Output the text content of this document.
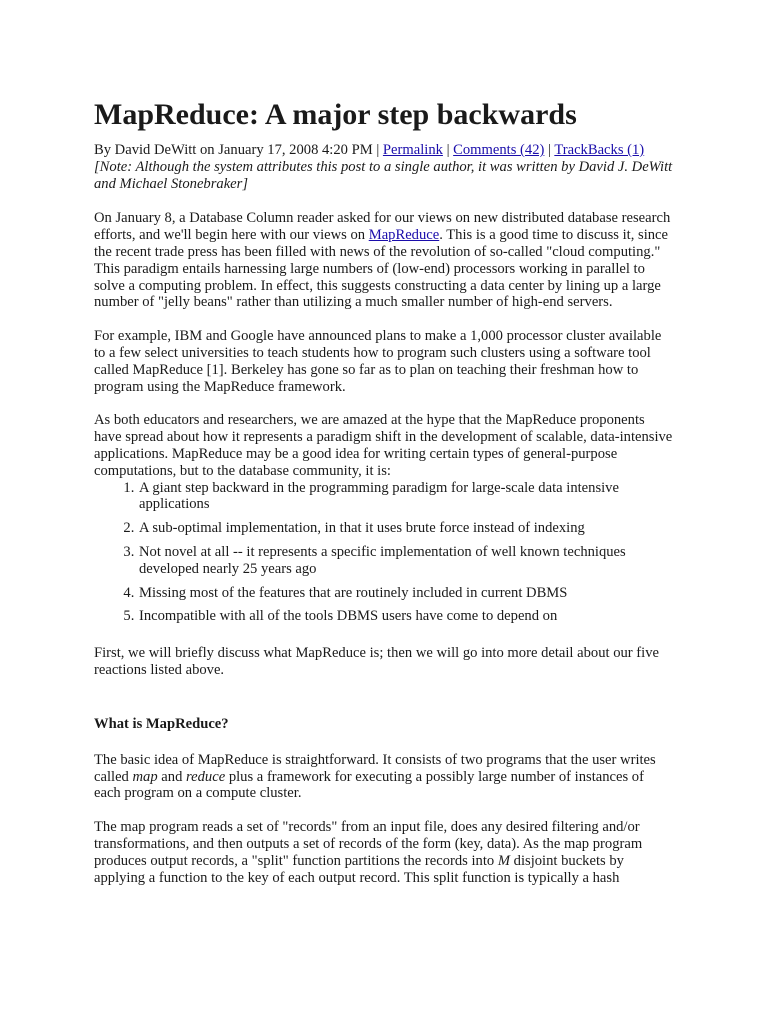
MapReduce: A major step backwards

By David DeWitt on January 17, 2008 4:20 PM | Permalink | Comments (42) | TrackBacks (1)

[Note: Although the system attributes this post to a single author, it was written by David J. DeWitt and Michael Stonebraker]

On January 8, a Database Column reader asked for our views on new distributed database research efforts, and we'll begin here with our views on MapReduce. This is a good time to discuss it, since the recent trade press has been filled with news of the revolution of so-called "cloud computing." This paradigm entails harnessing large numbers of (low-end) processors working in parallel to solve a computing problem. In effect, this suggests constructing a data center by lining up a large number of "jelly beans" rather than utilizing a much smaller number of high-end servers.

For example, IBM and Google have announced plans to make a 1,000 processor cluster available to a few select universities to teach students how to program such clusters using a software tool called MapReduce [1]. Berkeley has gone so far as to plan on teaching their freshman how to program using the MapReduce framework.

As both educators and researchers, we are amazed at the hype that the MapReduce proponents have spread about how it represents a paradigm shift in the development of scalable, data-intensive applications. MapReduce may be a good idea for writing certain types of general-purpose computations, but to the database community, it is:

1. A giant step backward in the programming paradigm for large-scale data intensive applications
2. A sub-optimal implementation, in that it uses brute force instead of indexing
3. Not novel at all -- it represents a specific implementation of well known techniques developed nearly 25 years ago
4. Missing most of the features that are routinely included in current DBMS
5. Incompatible with all of the tools DBMS users have come to depend on

First, we will briefly discuss what MapReduce is; then we will go into more detail about our five reactions listed above.

What is MapReduce?

The basic idea of MapReduce is straightforward. It consists of two programs that the user writes called map and reduce plus a framework for executing a possibly large number of instances of each program on a compute cluster.

The map program reads a set of "records" from an input file, does any desired filtering and/or transformations, and then outputs a set of records of the form (key, data). As the map program produces output records, a "split" function partitions the records into M disjoint buckets by applying a function to the key of each output record. This split function is typically a hash
